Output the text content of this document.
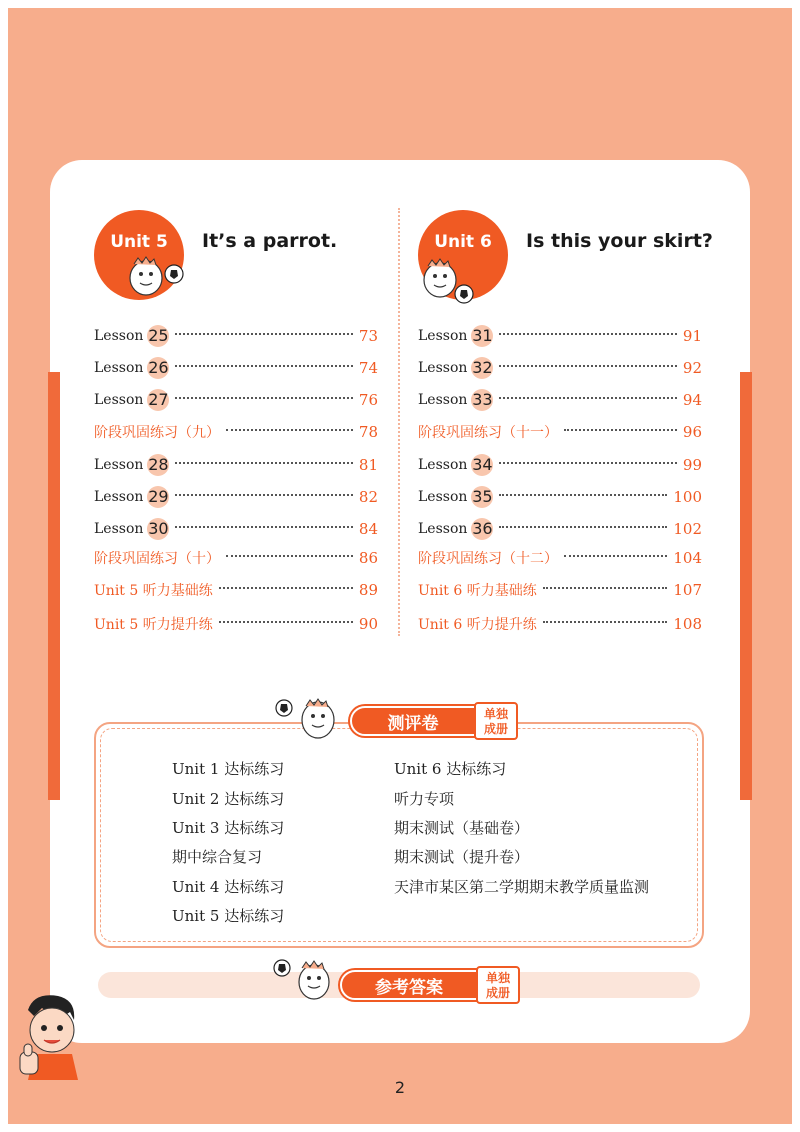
Unit 5	It’s a parrot.	Unit 6	Is this your skirt?
Lesson 25	73
Lesson 26	74
Lesson 27	76
阶段巩固练习（九）	78
Lesson 28	81
Lesson 29	82
Lesson 30	84
阶段巩固练习（十）	86
Unit 5 听力基础练	89
Unit 5 听力提升练	90
Lesson 31	91
Lesson 32	92
Lesson 33	94
阶段巩固练习（十一）	96
Lesson 34	99
Lesson 35	100
Lesson 36	102
阶段巩固练习（十二）	104
Unit 6 听力基础练	107
Unit 6 听力提升练	108
测评卷	单独
成册
Unit 1 达标练习
Unit 2 达标练习
Unit 3 达标练习
期中综合复习
Unit 4 达标练习
Unit 5 达标练习
Unit 6 达标练习
听力专项
期末测试（基础卷）
期末测试（提升卷）
天津市某区第二学期期末教学质量监测
参考答案	单独
成册
2
